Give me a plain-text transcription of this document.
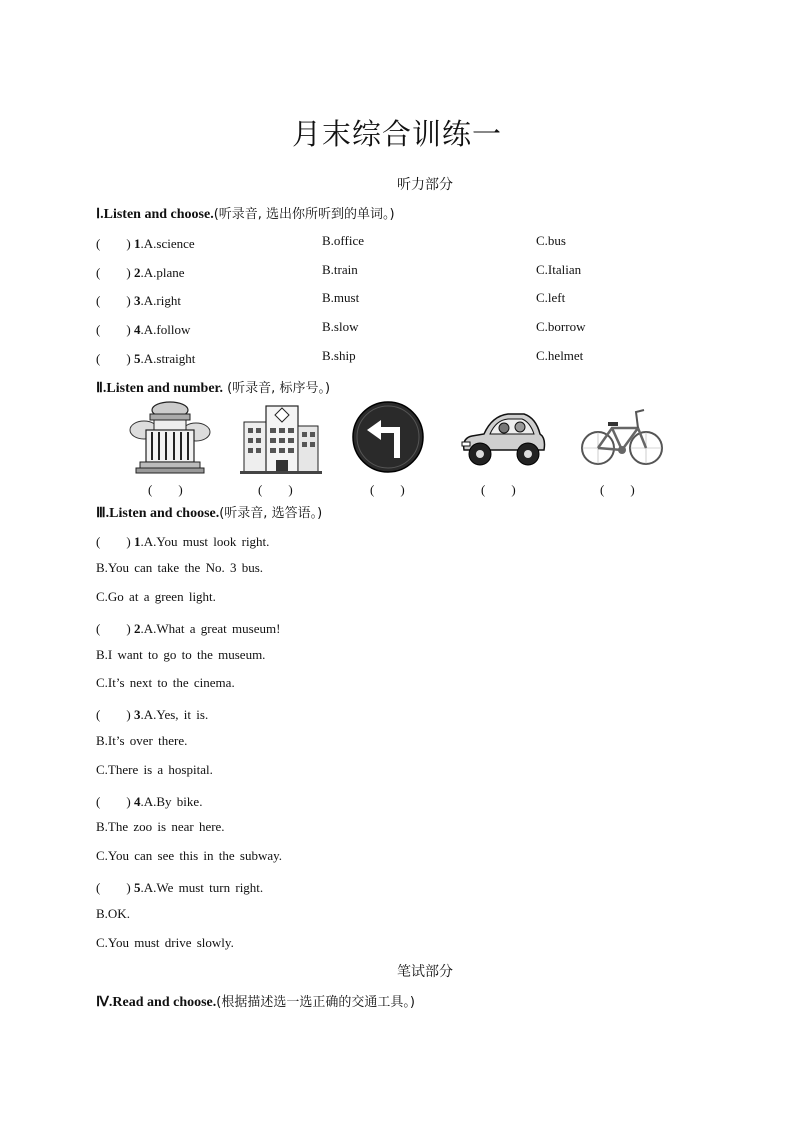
月末综合训练一
听力部分
Ⅰ.Listen and choose.(听录音, 选出你所听到的单词。)
(　　) 1.A.science	B.office	C.bus
(　　) 2.A.plane	B.train	C.Italian
(　　) 3.A.right	B.must	C.left
(　　) 4.A.follow	B.slow	C.borrow
(　　) 5.A.straight	B.ship	C.helmet
Ⅱ.Listen and number. (听录音, 标序号。)
(　　)	(　　)	(　　)	(　　)	(　　)
Ⅲ.Listen and choose.(听录音, 选答语。)
(　　) 1.A.You must look right.
B.You can take the No. 3 bus.
C.Go at a green light.
(　　) 2.A.What a great museum!
B.I want to go to the museum.
C.It’s next to the cinema.
(　　) 3.A.Yes, it is.
B.It’s over there.
C.There is a hospital.
(　　) 4.A.By bike.
B.The zoo is near here.
C.You can see this in the subway.
(　　) 5.A.We must turn right.
B.OK.
C.You must drive slowly.
笔试部分
Ⅳ.Read and choose.(根据描述选一选正确的交通工具。)
